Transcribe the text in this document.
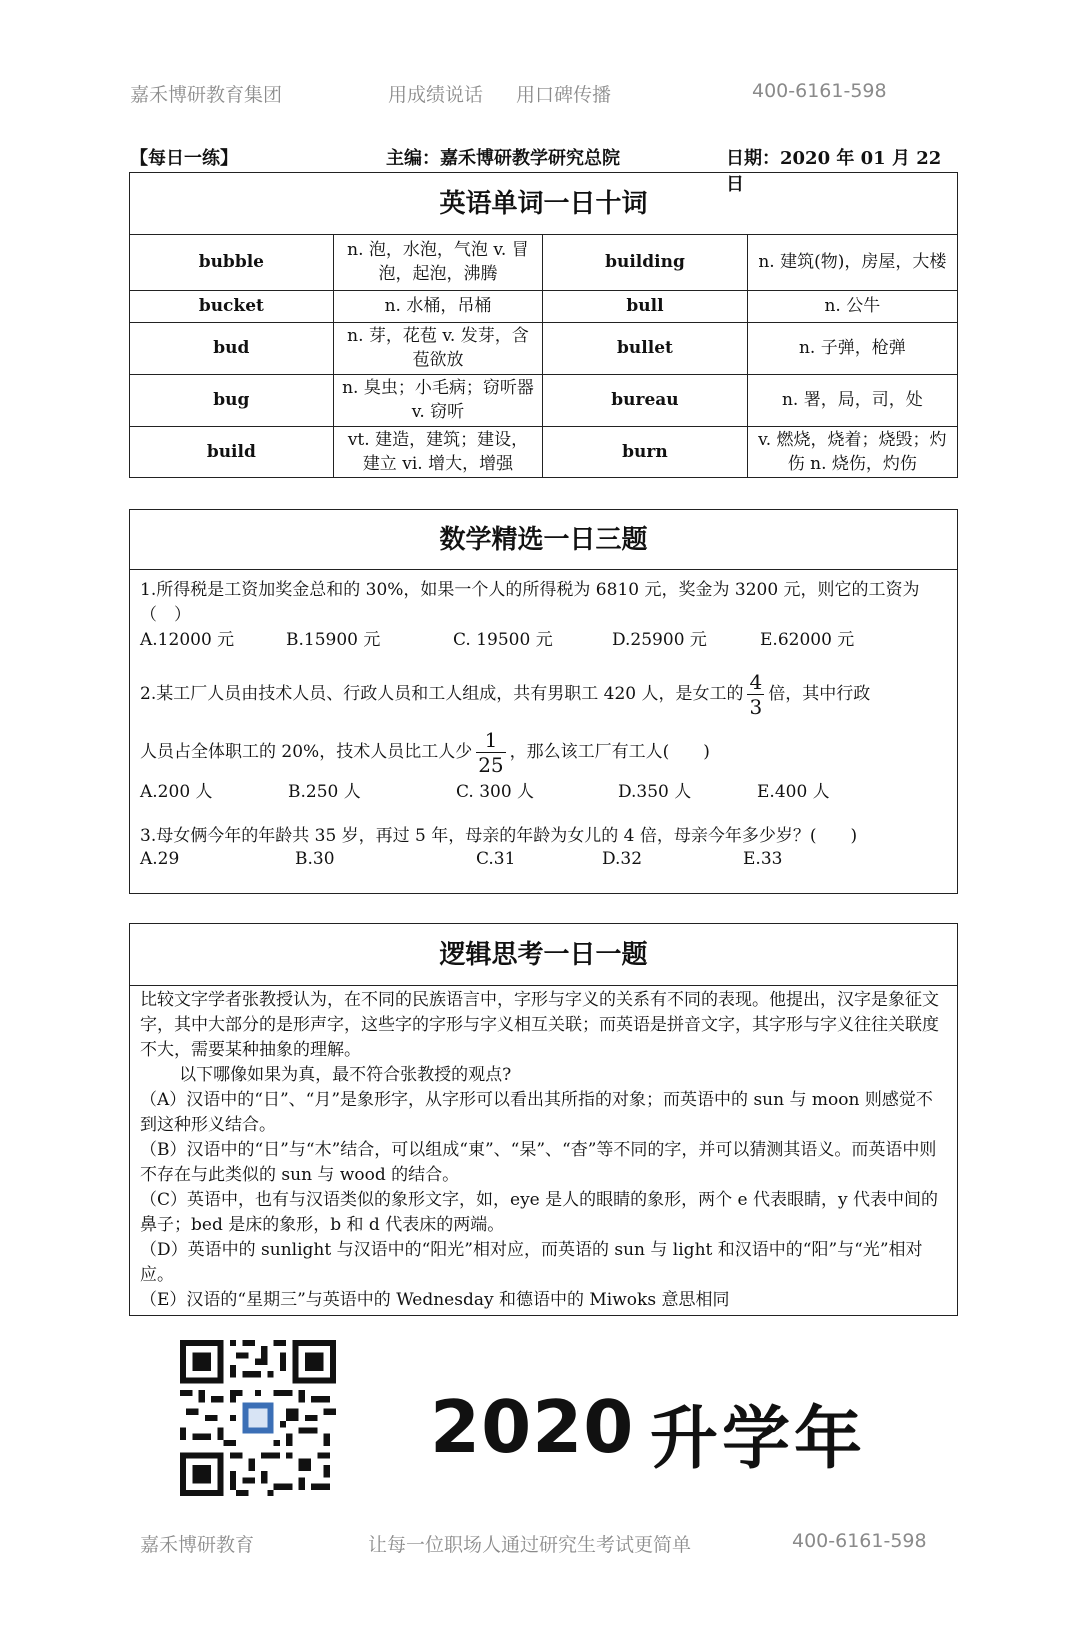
嘉禾博研教育集团	用成绩说话 用口碑传播	400-6161-598
【每日一练】	主编：嘉禾博研教学研究总院	日期：2020 年 01 月 22 日
英语单词一日十词
bubble	n. 泡，水泡，气泡 v. 冒泡，起泡，沸腾	building	n. 建筑(物)，房屋，大楼
bucket	n. 水桶，吊桶	bull	n. 公牛
bud	n. 芽，花苞 v. 发芽，含苞欲放	bullet	n. 子弹，枪弹
bug	n. 臭虫；小毛病；窃听器 v. 窃听	bureau	n. 署，局，司，处
build	vt. 建造，建筑；建设，建立 vi. 增大，增强	burn	v. 燃烧，烧着；烧毁；灼伤 n. 烧伤，灼伤
数学精选一日三题

1.所得税是工资加奖金总和的 30%，如果一个人的所得税为 6810 元，奖金为 3200 元，则它的工资为（　）

A.12000 元	B.15900 元	C. 19500 元	D.25900 元	E.62000 元

2.某工厂人员由技术人员、行政人员和工人组成，共有男职工 420 人，是女工的 $\frac{4}{3}$ 倍，其中行政

人员占全体职工的 20%，技术人员比工人少 $\frac{1}{25}$ ，那么该工厂有工人(　　)

A.200 人	B.250 人	C. 300 人	D.350 人	E.400 人

3.母女俩今年的年龄共 35 岁，再过 5 年，母亲的年龄为女儿的 4 倍，母亲今年多少岁？(　　)

A.29	B.30	C.31	D.32	E.33
逻辑思考一日一题

比较文字学者张教授认为，在不同的民族语言中，字形与字义的关系有不同的表现。他提出，汉字是象征文字，其中大部分的是形声字，这些字的字形与字义相互关联；而英语是拼音文字，其字形与字义往往关联度不大，需要某种抽象的理解。

以下哪像如果为真，最不符合张教授的观点?

（A）汉语中的“日”、“月”是象形字，从字形可以看出其所指的对象；而英语中的 sun 与 moon 则感觉不到这种形义结合。

（B）汉语中的“日”与“木”结合，可以组成“東”、“杲”、“杳”等不同的字，并可以猜测其语义。而英语中则不存在与此类似的 sun 与 wood 的结合。

（C）英语中，也有与汉语类似的象形文字，如，eye 是人的眼睛的象形，两个 e 代表眼睛，y 代表中间的鼻子；bed 是床的象形，b 和 d 代表床的两端。

（D）英语中的 sunlight 与汉语中的“阳光”相对应，而英语的 sun 与 light 和汉语中的“阳”与“光”相对应。

（E）汉语的“星期三”与英语中的 Wednesday 和德语中的 Miwoks 意思相同

2020 升学年
嘉禾博研教育	让每一位职场人通过研究生考试更简单	400-6161-598
